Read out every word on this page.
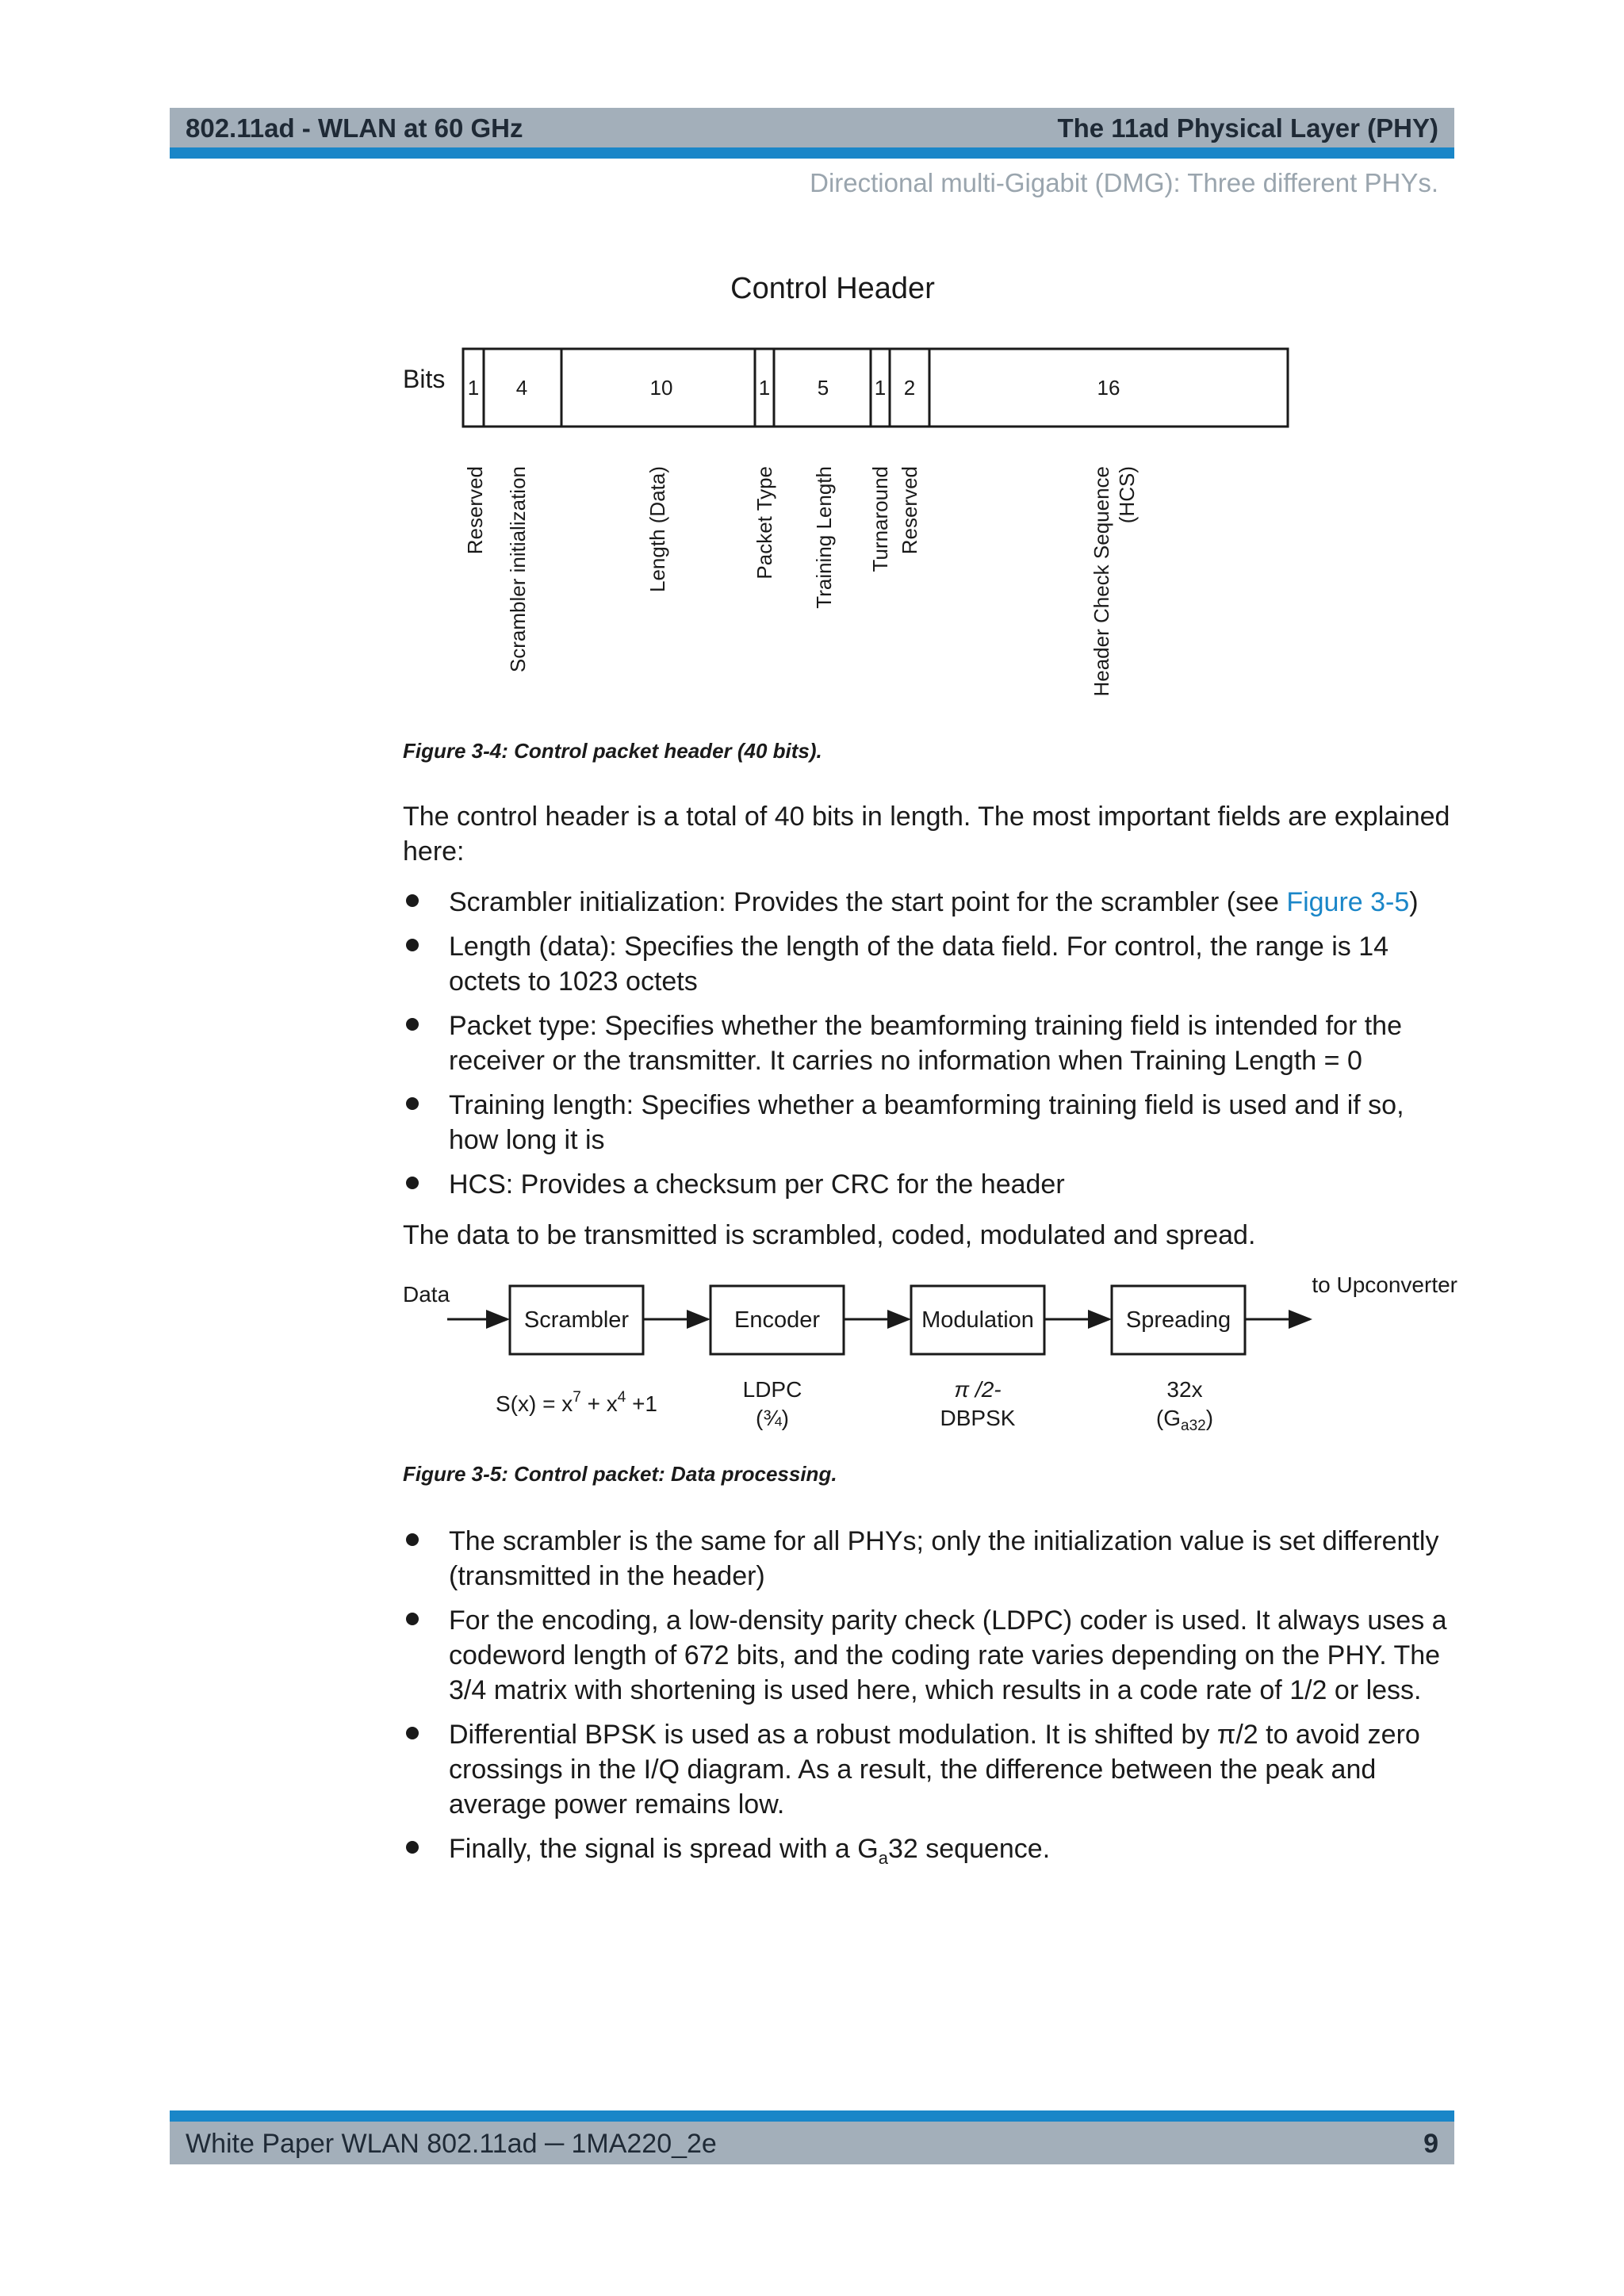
802.11ad - WLAN at 60 GHz	The 11ad Physical Layer (PHY)
Directional multi-Gigabit (DMG): Three different PHYs.
Control Header
Bits 1 4	10	1 5 1 2	16
Reserved Scrambler initialization	Length (Data)	Packet Type Training Length Turnaround Reserved	Header Check Sequence (HCS)
Figure 3-4: Control packet header (40 bits).

The control header is a total of 40 bits in length. The most important fields are explained here:

Scrambler initialization: Provides the start point for the scrambler (see Figure 3-5)
Length (data): Specifies the length of the data field. For control, the range is 14 octets to 1023 octets
Packet type: Specifies whether the beamforming training field is intended for the receiver or the transmitter. It carries no information when Training Length = 0
Training length: Specifies whether a beamforming training field is used and if so, how long it is
HCS: Provides a checksum per CRC for the header

The data to be transmitted is scrambled, coded, modulated and spread.

Data	to Upconverter
Scrambler	Encoder	Modulation	Spreading
$S(x) = x^7 + x^4 +1$
LDPC
(¾)
π /2-
DBPSK
32x
$(G_{a32})$
Figure 3-5: Control packet: Data processing.
The scrambler is the same for all PHYs; only the initialization value is set differently (transmitted in the header)
For the encoding, a low-density parity check (LDPC) coder is used. It always uses a codeword length of 672 bits, and the coding rate varies depending on the PHY. The 3/4 matrix with shortening is used here, which results in a code rate of 1/2 or less.
Differential BPSK is used as a robust modulation. It is shifted by π/2 to avoid zero crossings in the I/Q diagram. As a result, the difference between the peak and average power remains low.
Finally, the signal is spread with a $G_a32$ sequence.
White Paper WLAN 802.11ad ─ 1MA220_2e	9
